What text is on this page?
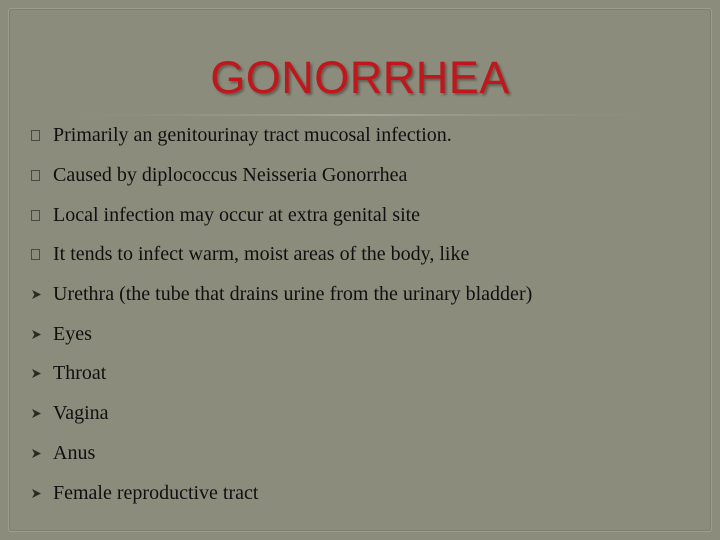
GONORRHEA
Primarily an genitourinay tract mucosal infection.
Caused by diplococcus Neisseria Gonorrhea
Local infection may occur at extra genital site
It tends to infect warm, moist areas of the body, like
Urethra (the tube that drains urine from the urinary bladder)
Eyes
Throat
Vagina
Anus
Female reproductive tract
